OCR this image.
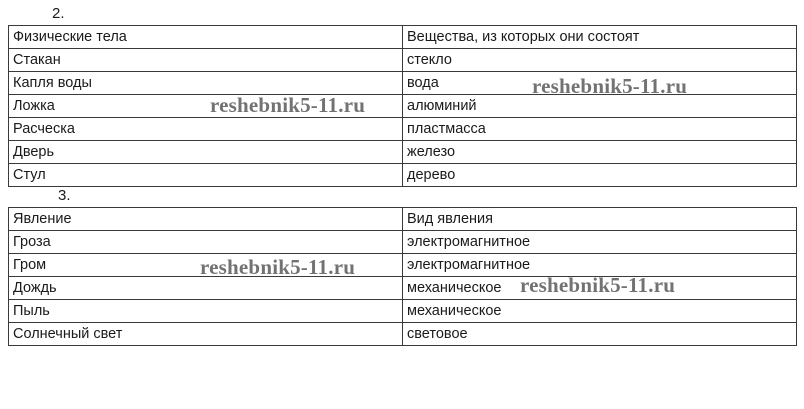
2.
Физические тела	Вещества, из которых они состоят
Стакан	стекло
Капля воды	вода
Ложка	алюминий
Расческа	пластмасса
Дверь	железо
Стул	дерево
3.
Явление	Вид явления
Гроза	электромагнитное
Гром	электромагнитное
Дождь	механическое
Пыль	механическое
Солнечный свет	световое
reshebnik5-11.ru
reshebnik5-11.ru
reshebnik5-11.ru
reshebnik5-11.ru
